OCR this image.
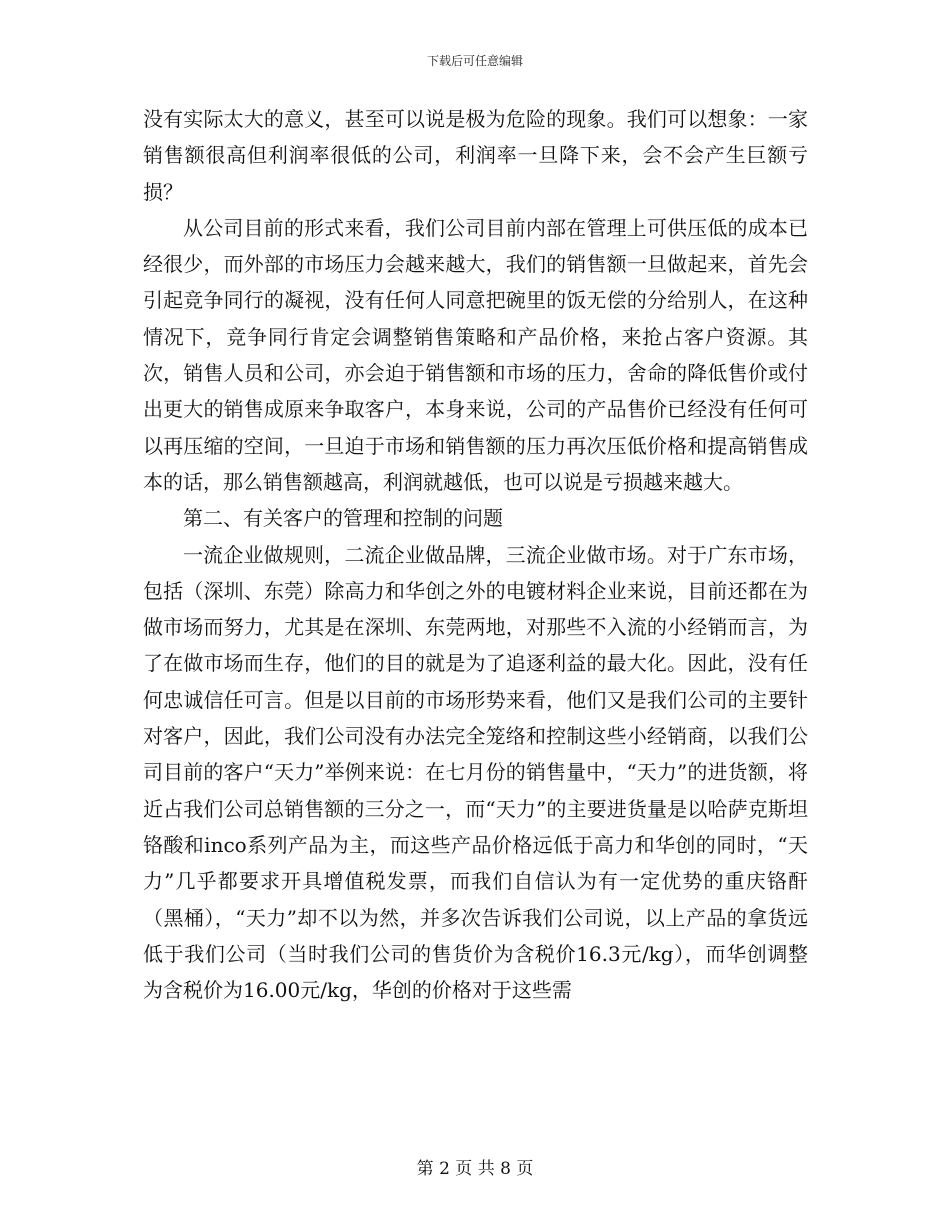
下载后可任意编辑

没有实际太大的意义，甚至可以说是极为危险的现象。我们可以想象：一家销售额很高但利润率很低的公司，利润率一旦降下来，会不会产生巨额亏损？

从公司目前的形式来看，我们公司目前内部在管理上可供压低的成本已经很少，而外部的市场压力会越来越大，我们的销售额一旦做起来，首先会引起竞争同行的凝视，没有任何人同意把碗里的饭无偿的分给别人，在这种情况下，竞争同行肯定会调整销售策略和产品价格，来抢占客户资源。其次，销售人员和公司，亦会迫于销售额和市场的压力，舍命的降低售价或付出更大的销售成原来争取客户，本身来说，公司的产品售价已经没有任何可以再压缩的空间，一旦迫于市场和销售额的压力再次压低价格和提高销售成本的话，那么销售额越高，利润就越低，也可以说是亏损越来越大。

第二、有关客户的管理和控制的问题

一流企业做规则，二流企业做品牌，三流企业做市场。对于广东市场，包括（深圳、东莞）除高力和华创之外的电镀材料企业来说，目前还都在为做市场而努力，尤其是在深圳、东莞两地，对那些不入流的小经销而言，为了在做市场而生存，他们的目的就是为了追逐利益的最大化。因此，没有任何忠诚信任可言。但是以目前的市场形势来看，他们又是我们公司的主要针对客户，因此，我们公司没有办法完全笼络和控制这些小经销商，以我们公司目前的客户“天力”举例来说：在七月份的销售量中，“天力”的进货额，将近占我们公司总销售额的三分之一，而“天力”的主要进货量是以哈萨克斯坦铬酸和inco系列产品为主，而这些产品价格远低于高力和华创的同时，“天力”几乎都要求开具增值税发票，而我们自信认为有一定优势的重庆铬酐（黑桶），“天力”却不以为然，并多次告诉我们公司说，以上产品的拿货远低于我们公司（当时我们公司的售货价为含税价16.3元/kg），而华创调整为含税价为16.00元/kg，华创的价格对于这些需

第 2 页 共 8 页
